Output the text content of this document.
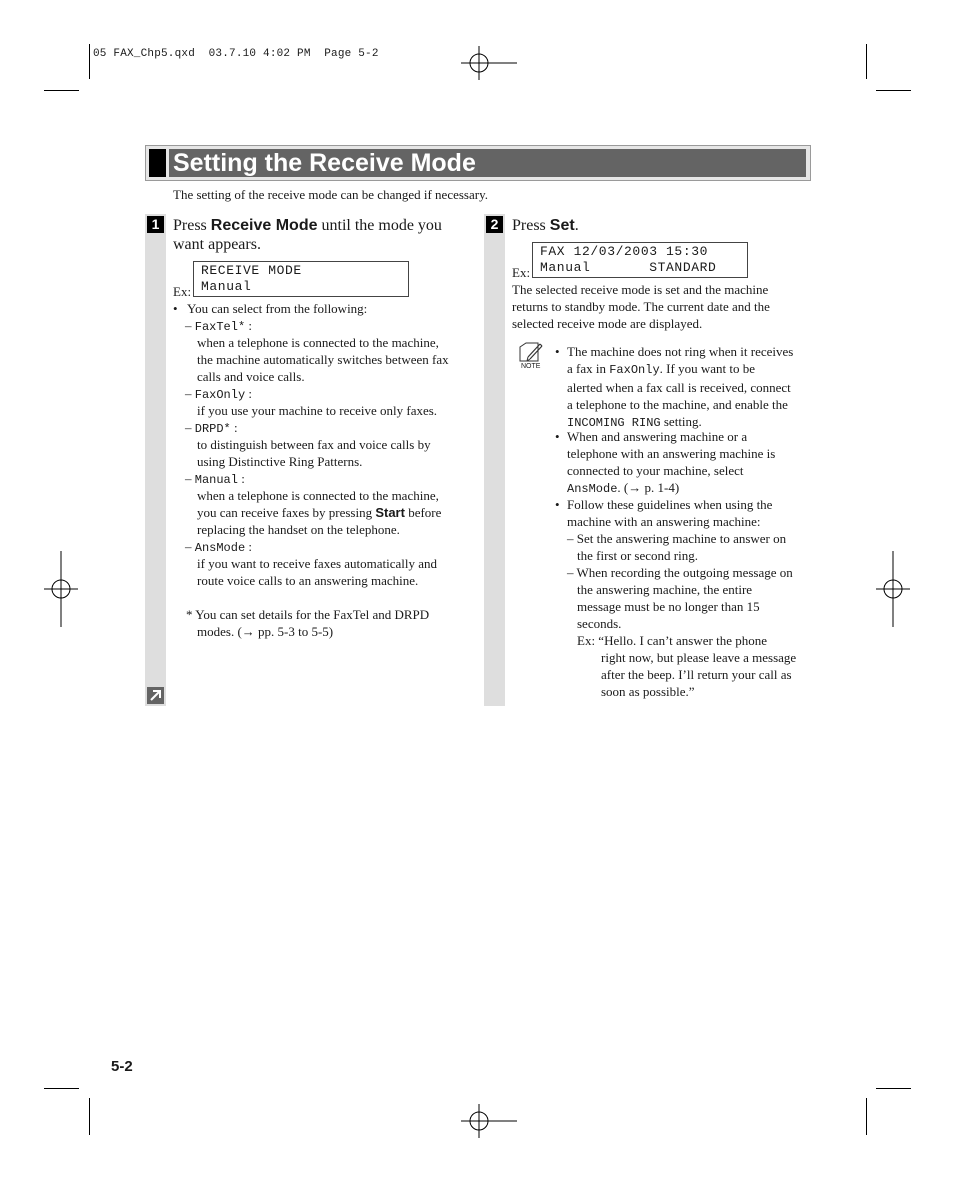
05 FAX_Chp5.qxd  03.7.10 4:02 PM  Page 5-2
Setting the Receive Mode
The setting of the receive mode can be changed if necessary.
1 Press Receive Mode until the mode you
want appears.
Ex:
RECEIVE MODE
Manual
• You can select from the following:
– FaxTel* :
when a telephone is connected to the machine,
the machine automatically switches between fax
calls and voice calls.
– FaxOnly :
if you use your machine to receive only faxes.
– DRPD* :
to distinguish between fax and voice calls by
using Distinctive Ring Patterns.
– Manual :
when a telephone is connected to the machine,
you can receive faxes by pressing Start before
replacing the handset on the telephone.
– AnsMode :
if you want to receive faxes automatically and
route voice calls to an answering machine.
* You can set details for the FaxTel and DRPD
modes. (→ pp. 5-3 to 5-5)
2 Press Set.
Ex:
FAX 12/03/2003 15:30
Manual       STANDARD
The selected receive mode is set and the machine
returns to standby mode. The current date and the
selected receive mode are displayed.
NOTE
• The machine does not ring when it receives
a fax in FaxOnly. If you want to be
alerted when a fax call is received, connect
a telephone to the machine, and enable the
INCOMING RING setting.
• When and answering machine or a
telephone with an answering machine is
connected to your machine, select
AnsMode. (→ p. 1-4)
• Follow these guidelines when using the
machine with an answering machine:
– Set the answering machine to answer on
the first or second ring.
– When recording the outgoing message on
the answering machine, the entire
message must be no longer than 15
seconds.
Ex: “Hello. I can’t answer the phone
right now, but please leave a message
after the beep. I’ll return your call as
soon as possible.”
5-2
